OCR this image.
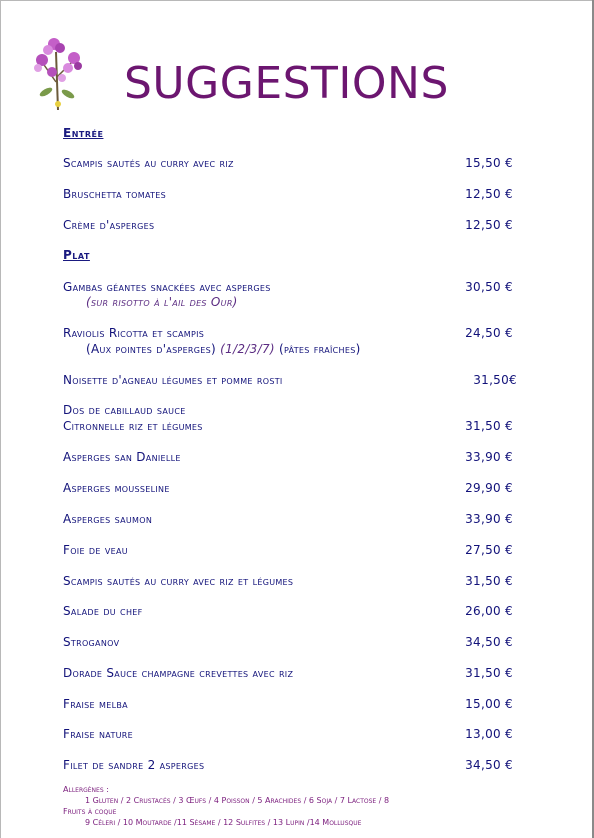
SUGGESTIONS
Entrée
Scampis sautés au curry avec riz	15,50 €
Bruschetta tomates	12,50 €
Crème d'asperges	12,50 €
Plat
Gambas géantes snackées avec asperges	30,50 €
(sur risotto à l'ail des Our)
Raviolis Ricotta et scampis	24,50 €
(Aux pointes d'asperges) (1/2/3/7) (pâtes fraîches)
Noisette d'agneau légumes et pomme rosti	31,50€
Dos de cabillaud sauce
Citronnelle riz et légumes	31,50 €
Asperges san Danielle	33,90 €
Asperges mousseline	29,90 €
Asperges saumon	33,90 €
Foie de veau	27,50 €
Scampis sautés au curry avec riz et légumes	31,50 €
Salade du chef	26,00 €
Stroganov	34,50 €
Dorade Sauce champagne crevettes avec riz	31,50 €
Fraise melba	15,00 €
Fraise nature	13,00 €
Filet de sandre 2 asperges	34,50 €
Allergènes :
1 Gluten / 2 Crustacés / 3 Œufs / 4 Poisson / 5 Arachides / 6 Soja / 7 Lactose / 8
Fruits à coque
9 Céleri / 10 Moutarde /11 Sésame / 12 Sulfites / 13 Lupin /14 Mollusque
